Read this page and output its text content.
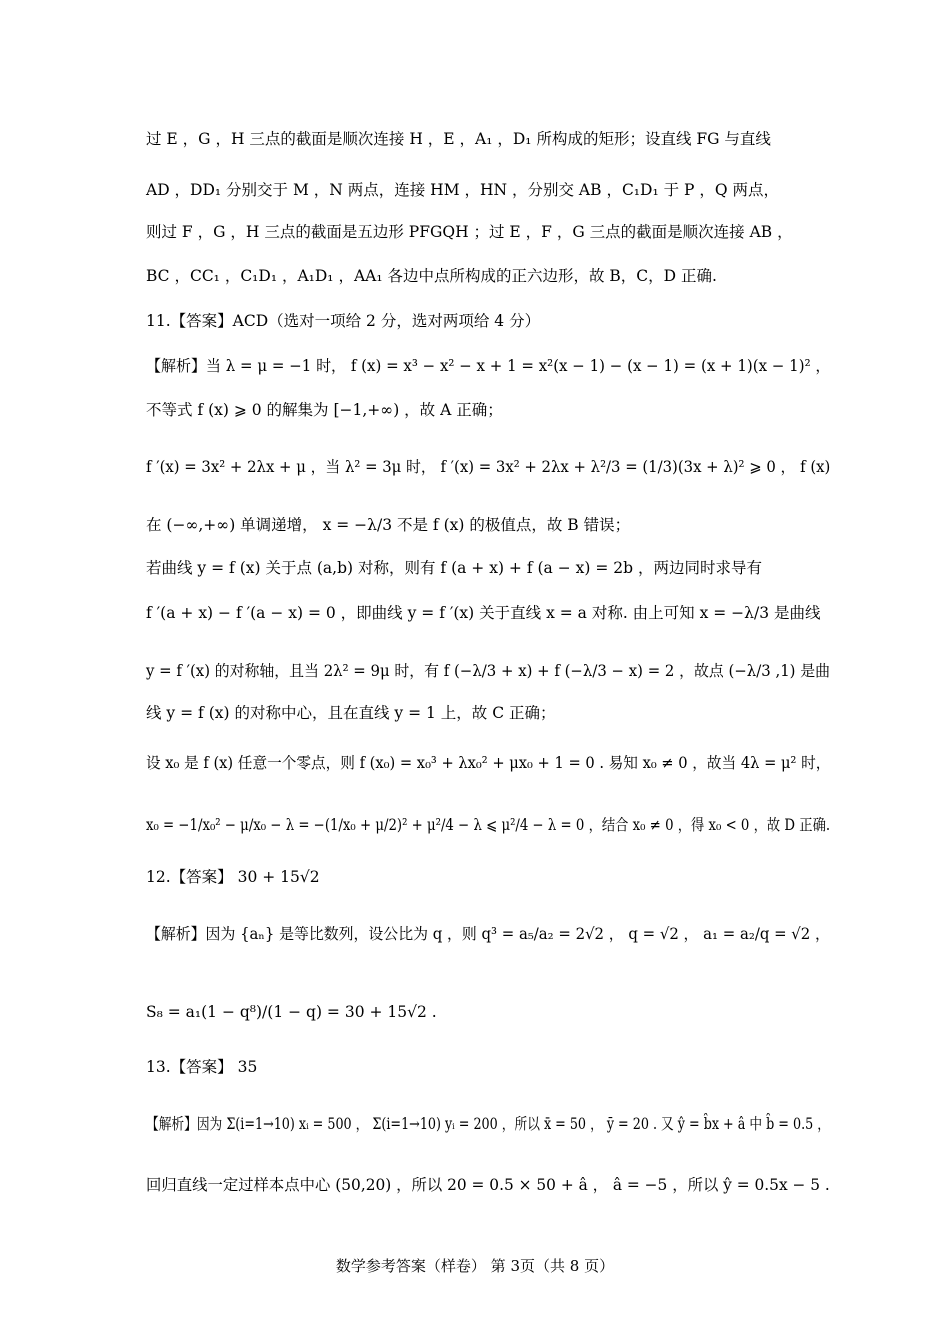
过 E ，G ，H 三点的截面是顺次连接 H ，E ，A₁ ，D₁ 所构成的矩形；设直线 FG 与直线
AD ，DD₁ 分别交于 M ，N 两点，连接 HM ，HN ，分别交 AB ，C₁D₁ 于 P ，Q 两点，
则过 F ，G ，H 三点的截面是五边形 PFGQH ；过 E ，F ，G 三点的截面是顺次连接 AB ，
BC ，CC₁ ，C₁D₁ ，A₁D₁ ，AA₁ 各边中点所构成的正六边形，故 B，C，D 正确.
11.【答案】ACD（选对一项给 2 分，选对两项给 4 分）
【解析】当 λ = μ = −1 时， f (x) = x³ − x² − x + 1 = x²(x − 1) − (x − 1) = (x + 1)(x − 1)² ，
不等式 f (x) ⩾ 0 的解集为 [−1,+∞) ，故 A 正确；
f ′(x) = 3x² + 2λx + μ ，当 λ² = 3μ 时， f ′(x) = 3x² + 2λx + λ²/3 = (1/3)(3x + λ)² ⩾ 0 ， f (x)
在 (−∞,+∞) 单调递增， x = −λ/3 不是 f (x) 的极值点，故 B 错误；
若曲线 y = f (x) 关于点 (a,b) 对称，则有 f (a + x) + f (a − x) = 2b ，两边同时求导有
f ′(a + x) − f ′(a − x) = 0 ，即曲线 y = f ′(x) 关于直线 x = a 对称. 由上可知 x = −λ/3 是曲线
y = f ′(x) 的对称轴，且当 2λ² = 9μ 时，有 f (−λ/3 + x) + f (−λ/3 − x) = 2 ，故点 (−λ/3 ,1) 是曲
线 y = f (x) 的对称中心，且在直线 y = 1 上，故 C 正确；
设 x₀ 是 f (x) 任意一个零点，则 f (x₀) = x₀³ + λx₀² + μx₀ + 1 = 0 . 易知 x₀ ≠ 0 ，故当 4λ = μ² 时，
x₀ = −1/x₀² − μ/x₀ − λ = −(1/x₀ + μ/2)² + μ²/4 − λ ⩽ μ²/4 − λ = 0 ，结合 x₀ ≠ 0 ，得 x₀ < 0 ，故 D 正确.
12.【答案】 30 + 15√2
【解析】因为 {aₙ} 是等比数列，设公比为 q ，则 q³ = a₅/a₂ = 2√2 ， q = √2 ， a₁ = a₂/q = √2 ，
S₈ = a₁(1 − q⁸)/(1 − q) = 30 + 15√2 .
13.【答案】 35
【解析】因为 Σ(i=1→10) xᵢ = 500 ， Σ(i=1→10) yᵢ = 200 ，所以 x̄ = 50 ， ȳ = 20 . 又 ŷ = b̂x + â 中 b̂ = 0.5 ，
回归直线一定过样本点中心 (50,20) ，所以 20 = 0.5 × 50 + â ， â = −5 ，所以 ŷ = 0.5x − 5 .
数学参考答案（样卷） 第 3页（共 8 页）
